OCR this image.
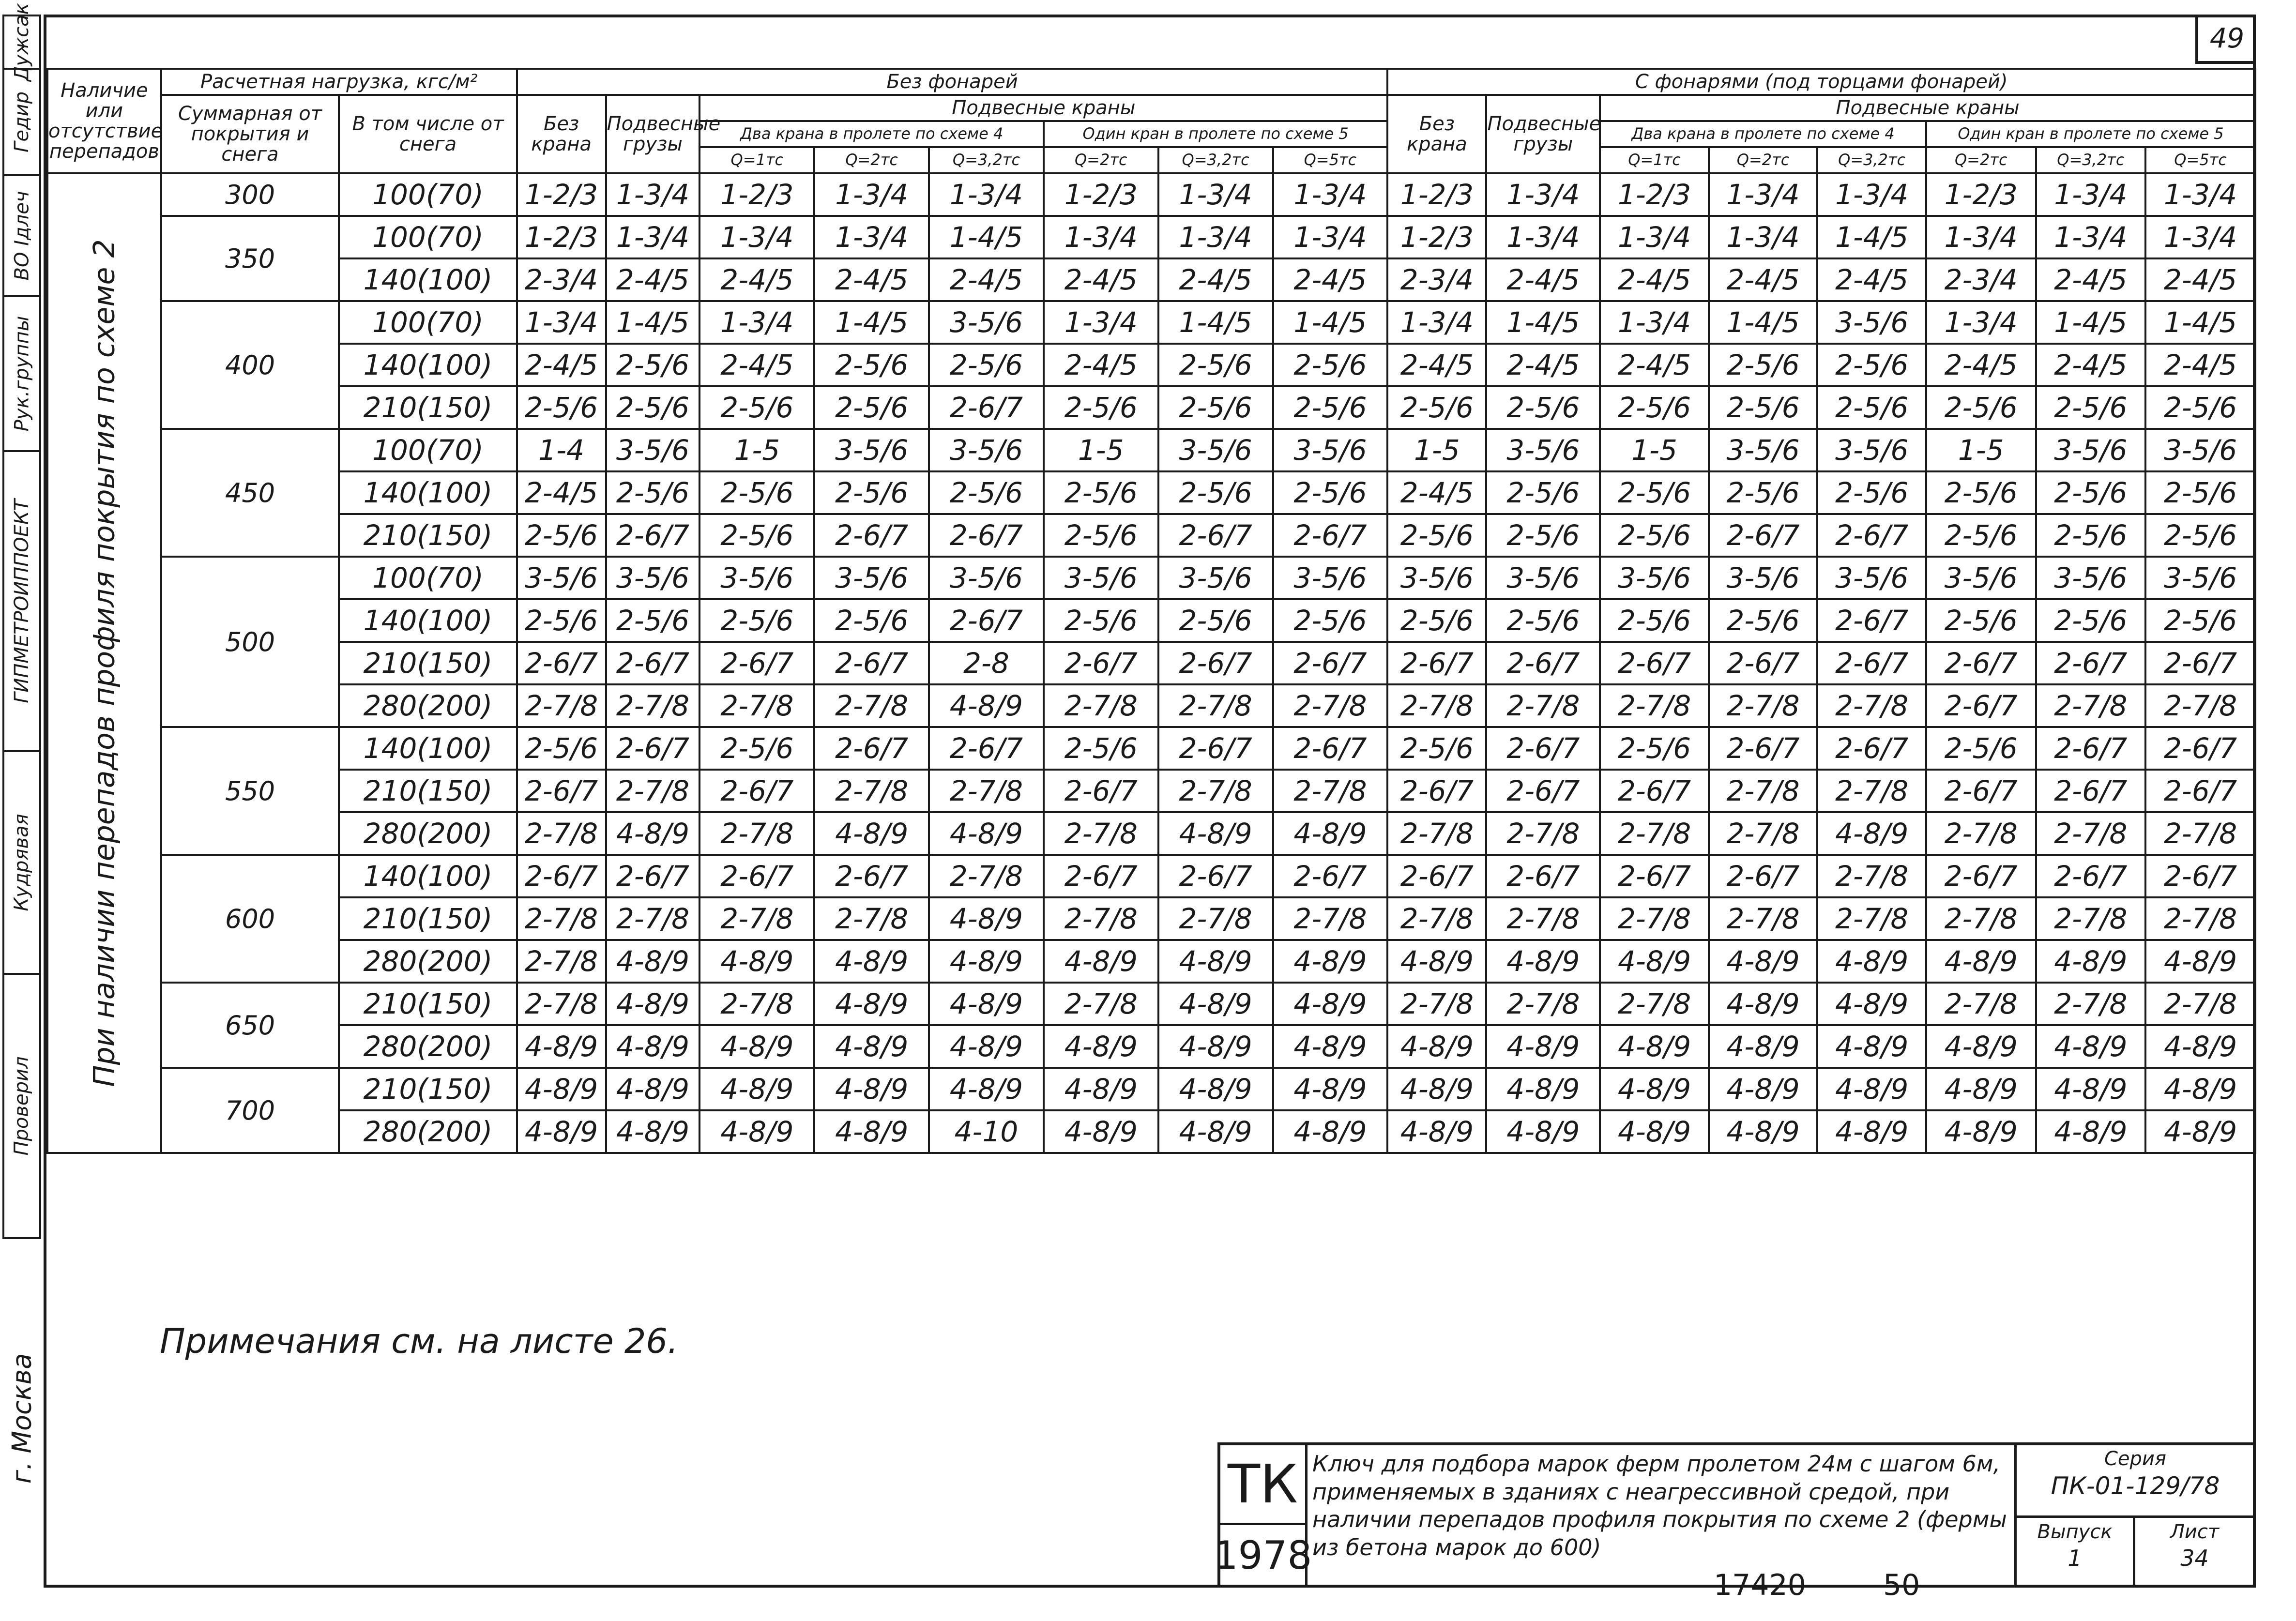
49
Дужсак
Гедир
ВО Ідлеч
Рук.группы
ГИПМЕТРОИППОЕКТ
Кудрявая
Проверил
г. Москва
Наличие или отсутствие перепадов	Расчетная нагрузка, кгс/м²		Без фонарей								С фонарями (под торцами фонарей)							
	Суммарная от покрытия и снега	В том числе от снега	Без крана	Подвесные грузы	Подвесные краны						Без крана	Подвесные грузы	Подвесные краны					
					Два крана в пролете по схеме 4			Один кран в пролете по схеме 5					Два крана в пролете по схеме 4			Один кран в пролете по схеме 5		
					Q=1тс	Q=2тс	Q=3,2тс	Q=2тс	Q=3,2тс	Q=5тс			Q=1тс	Q=2тс	Q=3,2тс	Q=2тс	Q=3,2тс	Q=5тс

При наличии перепадов профиля покрытия по схеме 2	300	100(70)	1-2/3	1-3/4	1-2/3	1-3/4	1-3/4	1-2/3	1-3/4	1-3/4	1-2/3	1-3/4	1-2/3	1-3/4	1-3/4	1-2/3	1-3/4	1-3/4
	350	100(70)	1-2/3	1-3/4	1-3/4	1-3/4	1-4/5	1-3/4	1-3/4	1-3/4	1-2/3	1-3/4	1-3/4	1-3/4	1-4/5	1-3/4	1-3/4	1-3/4
		140(100)	2-3/4	2-4/5	2-4/5	2-4/5	2-4/5	2-4/5	2-4/5	2-4/5	2-3/4	2-4/5	2-4/5	2-4/5	2-4/5	2-3/4	2-4/5	2-4/5
	400	100(70)	1-3/4	1-4/5	1-3/4	1-4/5	3-5/6	1-3/4	1-4/5	1-4/5	1-3/4	1-4/5	1-3/4	1-4/5	3-5/6	1-3/4	1-4/5	1-4/5
		140(100)	2-4/5	2-5/6	2-4/5	2-5/6	2-5/6	2-4/5	2-5/6	2-5/6	2-4/5	2-4/5	2-4/5	2-5/6	2-5/6	2-4/5	2-4/5	2-4/5
		210(150)	2-5/6	2-5/6	2-5/6	2-5/6	2-6/7	2-5/6	2-5/6	2-5/6	2-5/6	2-5/6	2-5/6	2-5/6	2-5/6	2-5/6	2-5/6	2-5/6
	450	100(70)	1-4	3-5/6	1-5	3-5/6	3-5/6	1-5	3-5/6	3-5/6	1-5	3-5/6	1-5	3-5/6	3-5/6	1-5	3-5/6	3-5/6
		140(100)	2-4/5	2-5/6	2-5/6	2-5/6	2-5/6	2-5/6	2-5/6	2-5/6	2-4/5	2-5/6	2-5/6	2-5/6	2-5/6	2-5/6	2-5/6	2-5/6
		210(150)	2-5/6	2-6/7	2-5/6	2-6/7	2-6/7	2-5/6	2-6/7	2-6/7	2-5/6	2-5/6	2-5/6	2-6/7	2-6/7	2-5/6	2-5/6	2-5/6
	500	100(70)	3-5/6	3-5/6	3-5/6	3-5/6	3-5/6	3-5/6	3-5/6	3-5/6	3-5/6	3-5/6	3-5/6	3-5/6	3-5/6	3-5/6	3-5/6	3-5/6
		140(100)	2-5/6	2-5/6	2-5/6	2-5/6	2-6/7	2-5/6	2-5/6	2-5/6	2-5/6	2-5/6	2-5/6	2-5/6	2-6/7	2-5/6	2-5/6	2-5/6
		210(150)	2-6/7	2-6/7	2-6/7	2-6/7	2-8	2-6/7	2-6/7	2-6/7	2-6/7	2-6/7	2-6/7	2-6/7	2-6/7	2-6/7	2-6/7	2-6/7
		280(200)	2-7/8	2-7/8	2-7/8	2-7/8	4-8/9	2-7/8	2-7/8	2-7/8	2-7/8	2-7/8	2-7/8	2-7/8	2-7/8	2-6/7	2-7/8	2-7/8
	550	140(100)	2-5/6	2-6/7	2-5/6	2-6/7	2-6/7	2-5/6	2-6/7	2-6/7	2-5/6	2-6/7	2-5/6	2-6/7	2-6/7	2-5/6	2-6/7	2-6/7
		210(150)	2-6/7	2-7/8	2-6/7	2-7/8	2-7/8	2-6/7	2-7/8	2-7/8	2-6/7	2-6/7	2-6/7	2-7/8	2-7/8	2-6/7	2-6/7	2-6/7
		280(200)	2-7/8	4-8/9	2-7/8	4-8/9	4-8/9	2-7/8	4-8/9	4-8/9	2-7/8	2-7/8	2-7/8	2-7/8	4-8/9	2-7/8	2-7/8	2-7/8
	600	140(100)	2-6/7	2-6/7	2-6/7	2-6/7	2-7/8	2-6/7	2-6/7	2-6/7	2-6/7	2-6/7	2-6/7	2-6/7	2-7/8	2-6/7	2-6/7	2-6/7
		210(150)	2-7/8	2-7/8	2-7/8	2-7/8	4-8/9	2-7/8	2-7/8	2-7/8	2-7/8	2-7/8	2-7/8	2-7/8	2-7/8	2-7/8	2-7/8	2-7/8
		280(200)	2-7/8	4-8/9	4-8/9	4-8/9	4-8/9	4-8/9	4-8/9	4-8/9	4-8/9	4-8/9	4-8/9	4-8/9	4-8/9	4-8/9	4-8/9	4-8/9
	650	210(150)	2-7/8	4-8/9	2-7/8	4-8/9	4-8/9	2-7/8	4-8/9	4-8/9	2-7/8	2-7/8	2-7/8	4-8/9	4-8/9	2-7/8	2-7/8	2-7/8
		280(200)	4-8/9	4-8/9	4-8/9	4-8/9	4-8/9	4-8/9	4-8/9	4-8/9	4-8/9	4-8/9	4-8/9	4-8/9	4-8/9	4-8/9	4-8/9	4-8/9
	700	210(150)	4-8/9	4-8/9	4-8/9	4-8/9	4-8/9	4-8/9	4-8/9	4-8/9	4-8/9	4-8/9	4-8/9	4-8/9	4-8/9	4-8/9	4-8/9	4-8/9
		280(200)	4-8/9	4-8/9	4-8/9	4-8/9	4-10	4-8/9	4-8/9	4-8/9	4-8/9	4-8/9	4-8/9	4-8/9	4-8/9	4-8/9	4-8/9	4-8/9
Примечания см. на листе 26.
ТК
1978
Ключ для подбора марок ферм пролетом 24м с шагом 6м, применяемых в зданиях с неагрессивной средой, при наличии перепадов профиля покрытия по схеме 2 (фермы из бетона марок до 600)
Серия
ПК-01-129/78
Выпуск
1
Лист
34
17420	50
